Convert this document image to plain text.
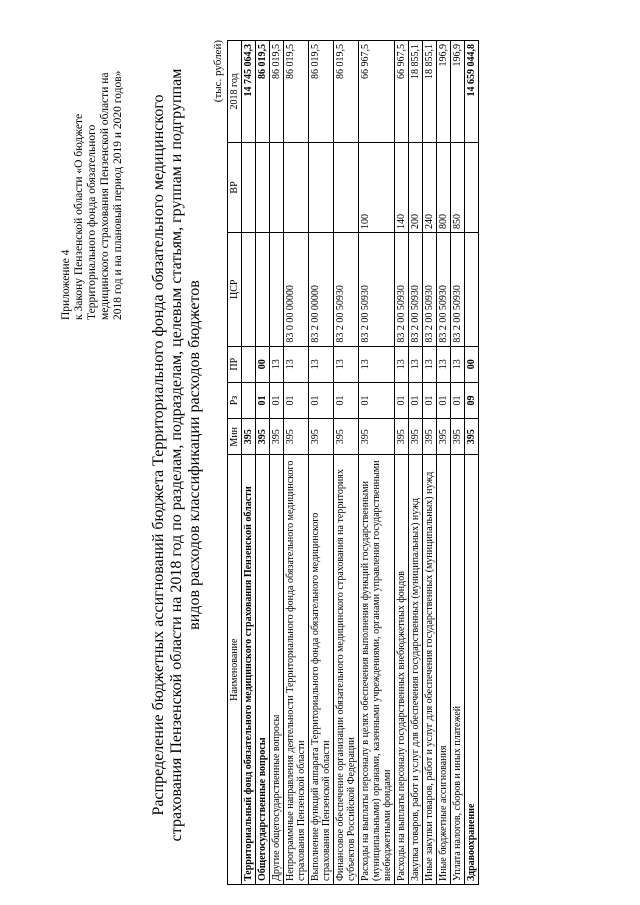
Приложение 4 к Закону Пензенской области «О бюджете Территориального фонда обязательного медицинского страхования Пензенской области на 2018 год и на плановый период 2019 и 2020 годов» Распределение бюджетных ассигнований бюджета Территориального фонда обязательного медицинского страхования Пензенской области на 2018 год по разделам, подразделам, целевым статьям, группам и подгруппам видов расходов классификации расходов бюджетов
(тыс. рублей)
Наименование	Мин	Рз	ПР	ЦСР	ВР	2018 год
Территориальный фонд обязательного медицинского страхования Пензенской области	395					14 745 064,3
Общегосударственные вопросы	395	01	00			86 019,5
Другие общегосударственные вопросы	395	01	13			86 019,5
Непрограммные направления деятельности Территориального фонда обязательного медицинского страхования Пензенской области	395	01	13	83 0 00 00000		86 019,5
Выполнение функций аппарата Территориального фонда обязательного медицинского страхования Пензенской области	395	01	13	83 2 00 00000		86 019,5
Финансовое обеспечение организации обязательного медицинского страхования на территориях субъектов Российской Федерации	395	01	13	83 2 00 50930		86 019,5
Расходы на выплаты персоналу в целях обеспечения выполнения функций государственными (муниципальными) органами, казенными учреждениями, органами управления государственными внебюджетными фондами	395	01	13	83 2 00 50930	100	66 967,5
Расходы на выплаты персоналу государственных внебюджетных фондов	395	01	13	83 2 00 50930	140	66 967,5
Закупка товаров, работ и услуг для обеспечения государственных (муниципальных) нужд	395	01	13	83 2 00 50930	200	18 855,1
Иные закупки товаров, работ и услуг для обеспечения государственных (муниципальных) нужд	395	01	13	83 2 00 50930	240	18 855,1
Иные бюджетные ассигнования	395	01	13	83 2 00 50930	800	196,9
Уплата налогов, сборов и иных платежей	395	01	13	83 2 00 50930	850	196,9
Здравоохранение	395	09	00			14 659 044,8
